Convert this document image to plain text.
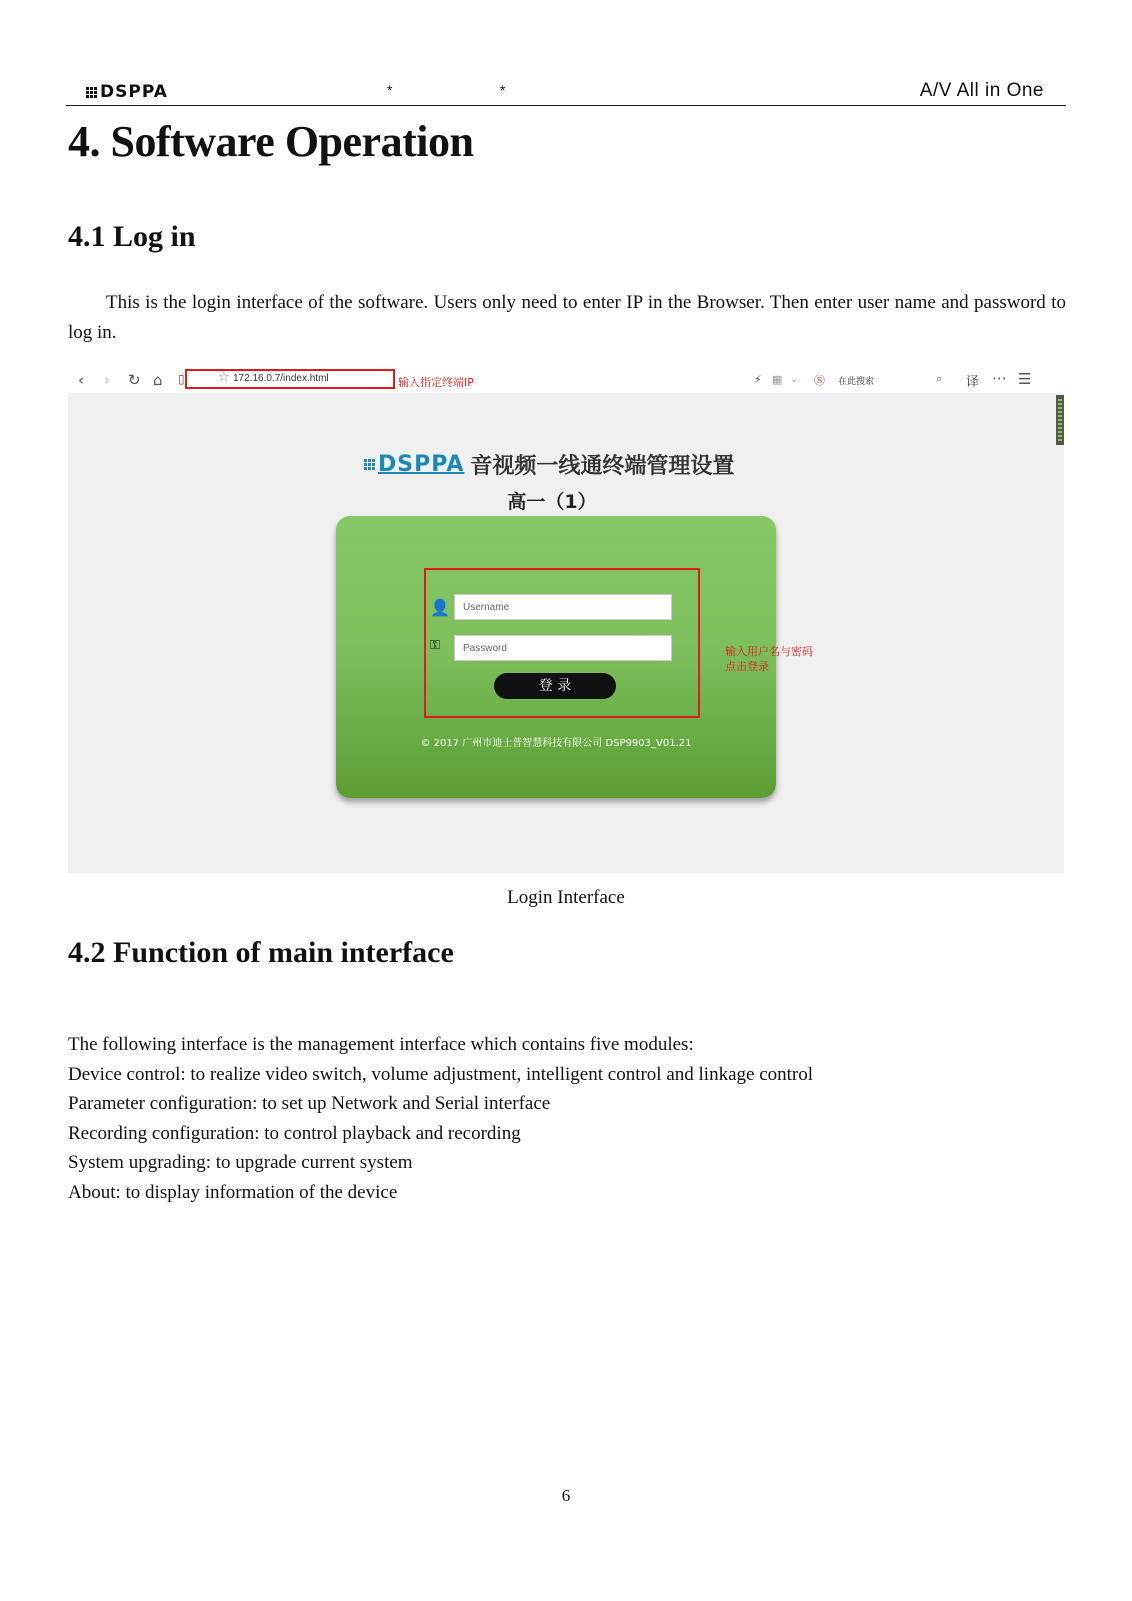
DSPPA	*	*	A/V All in One
4. Software Operation
4.1 Log in
This is the login interface of the software. Users only need to enter IP in the Browser. Then enter user name and password to log in.
‹ › ↻ ⌂ ▯	☆ 172.16.0.7/index.html	输入指定终端IP	⚡ ▦ ⌄ Ⓢ 在此搜索	⌕ 译 ⋯ ☰
DSPPA 音视频一线通终端管理设置
高一（1）
👤	Username
⚿	Password
登 录
© 2017 广州市迪士普智慧科技有限公司 DSP9903_V01.21
输入用户名与密码
点击登录
Login Interface
4.2 Function of main interface
The following interface is the management interface which contains five modules:
Device control: to realize video switch, volume adjustment, intelligent control and linkage control
Parameter configuration: to set up Network and Serial interface
Recording configuration: to control playback and recording
System upgrading: to upgrade current system
About: to display information of the device
6
